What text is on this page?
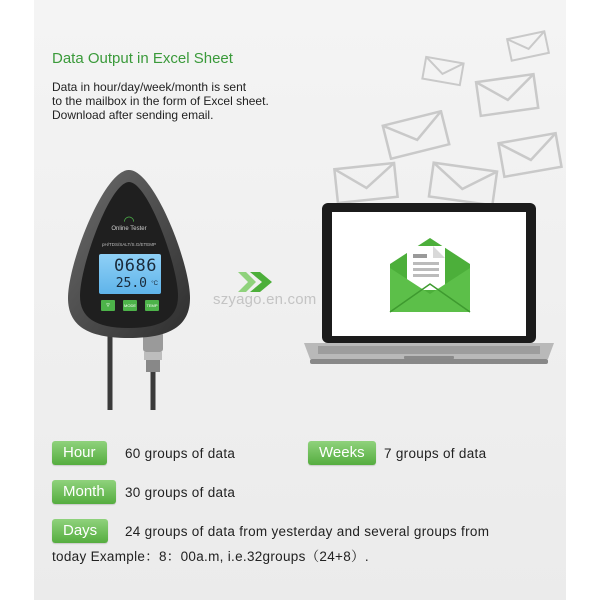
Data Output in Excel Sheet
Data in hour/day/week/month is sent
to the mailbox in the form of Excel sheet.
Download after sending email.
◠
Online Tester
pH/TDS/SALT/S.G/ETEMP
0686
25.0 °C
▿	MODE	TEMP	szyago.en.com
Hour	60 groups of data	Weeks	7 groups of data
Month	30 groups of data
Days	24 groups of data from yesterday and several groups from
today Example：8：00a.m, i.e.32groups（24+8）.
